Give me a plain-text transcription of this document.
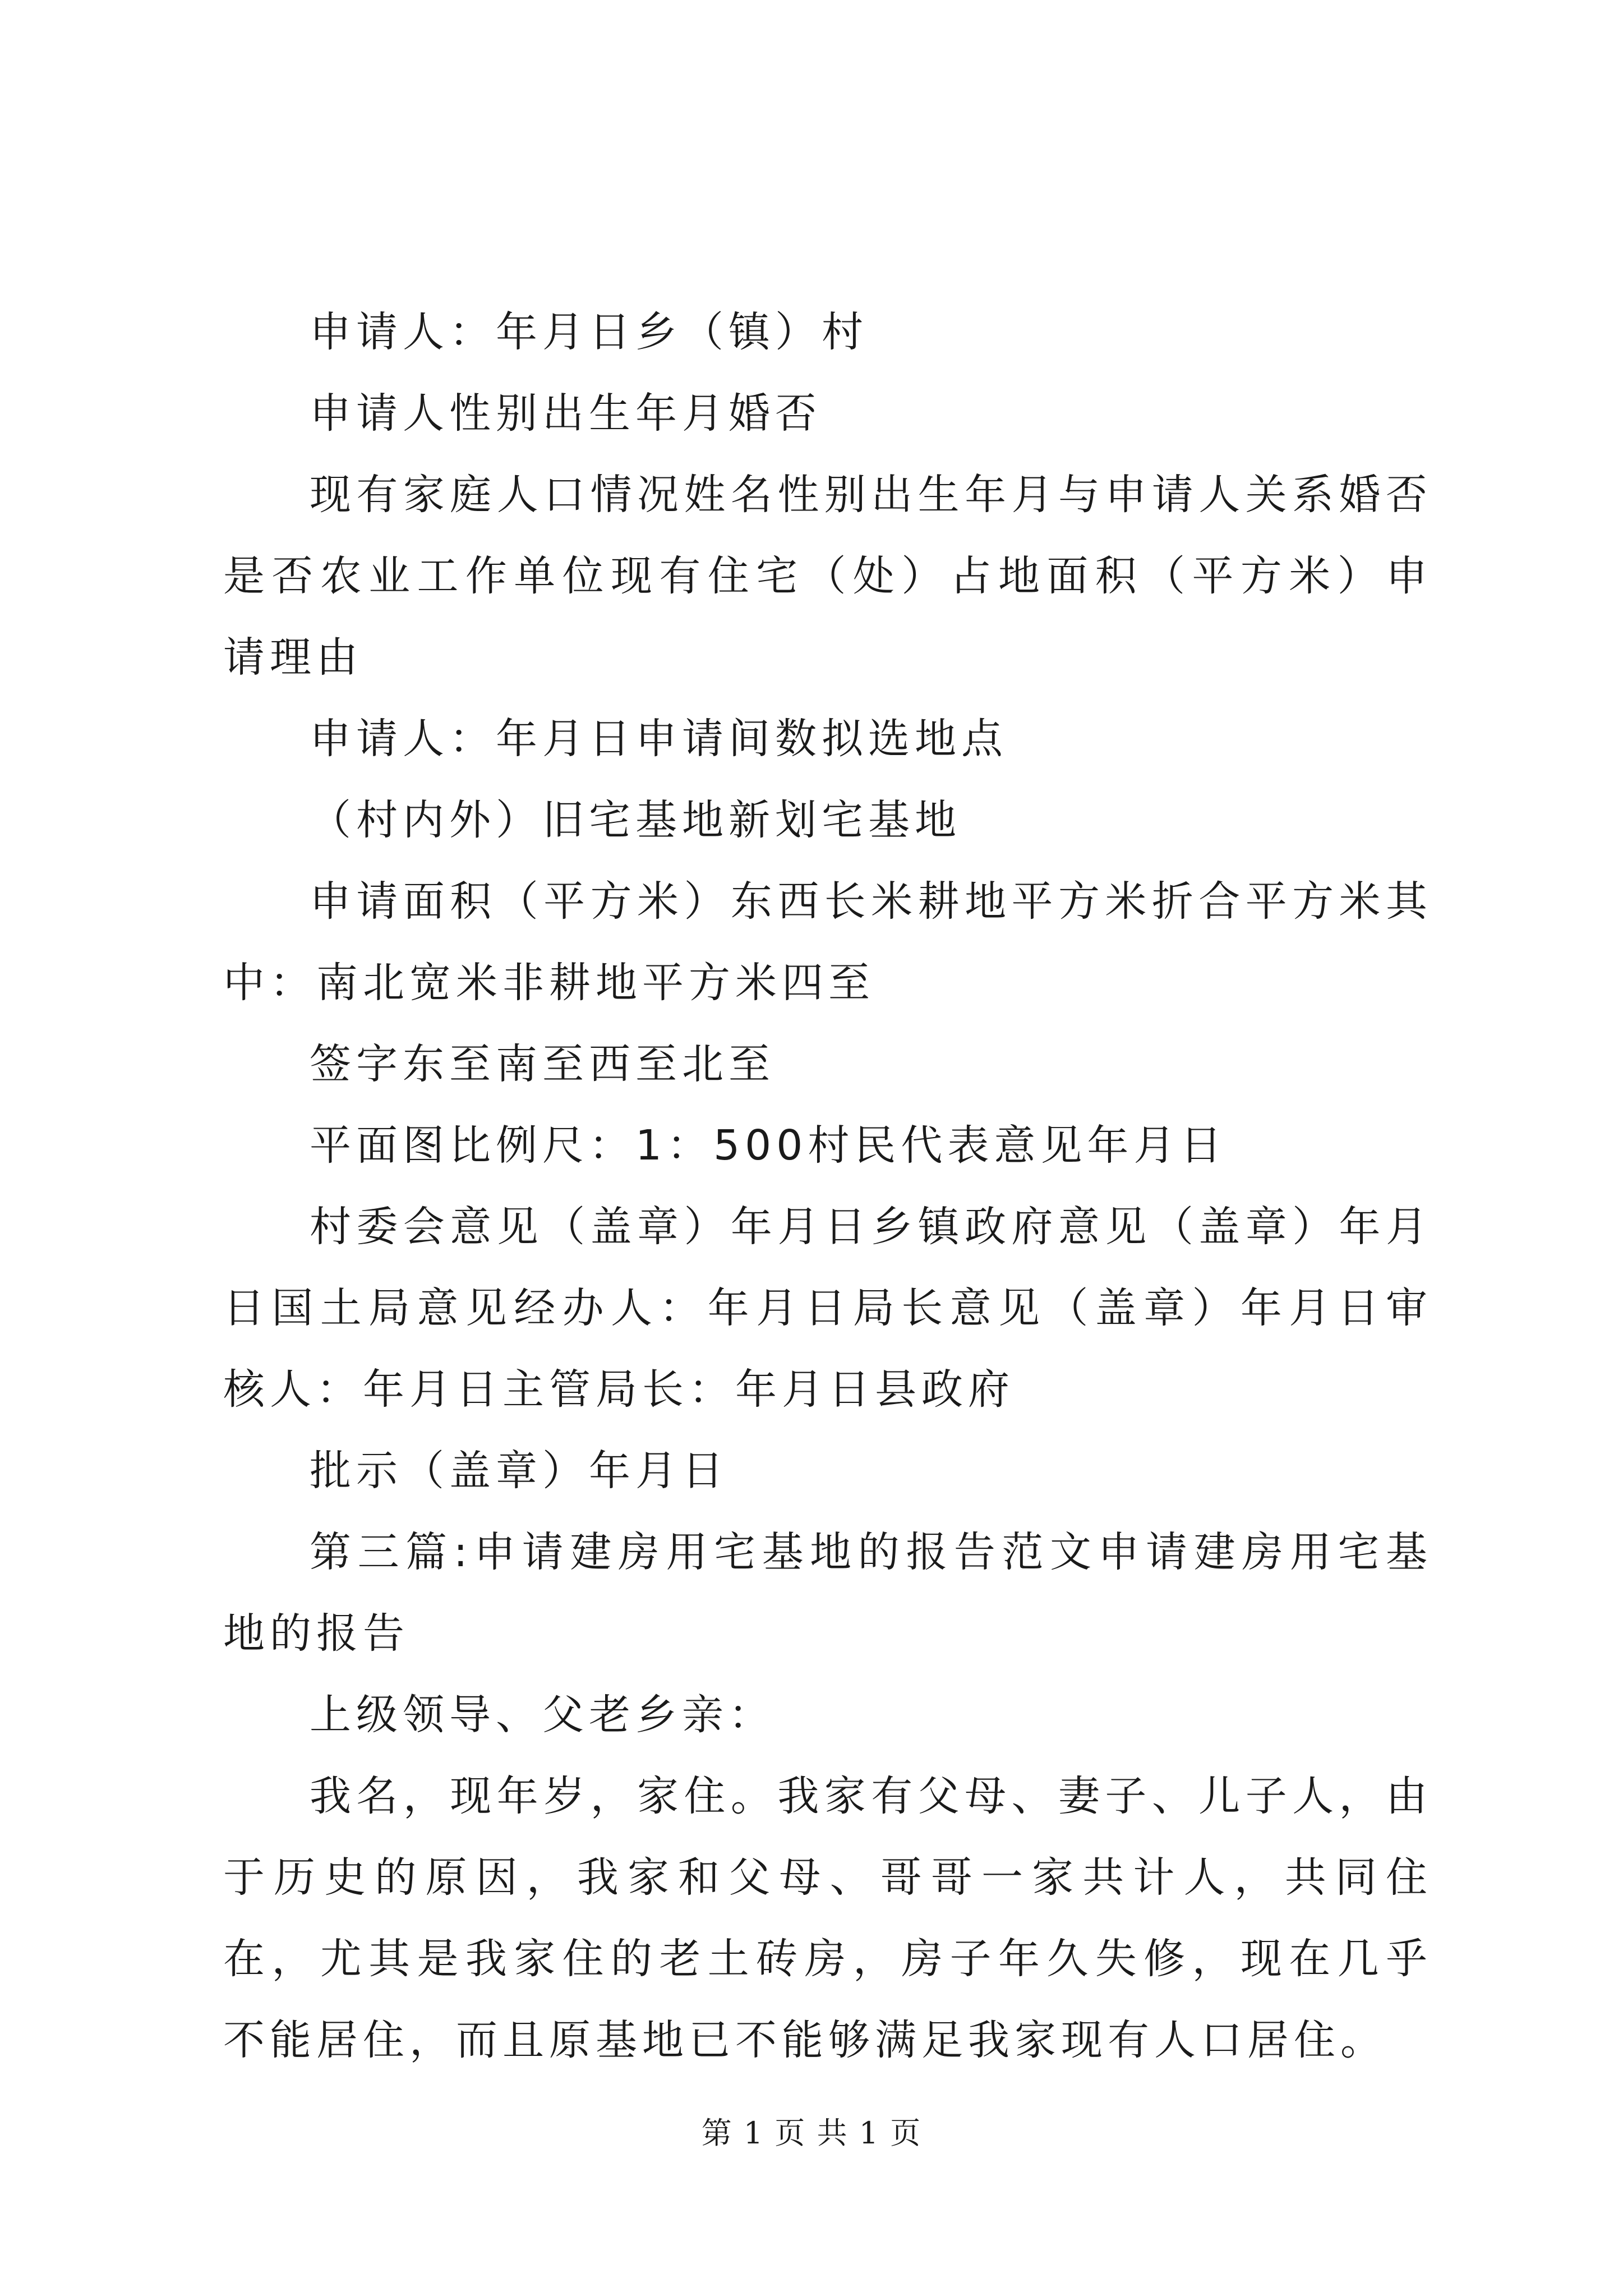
申请人：年月日乡（镇）村

申请人性别出生年月婚否

现有家庭人口情况姓名性别出生年月与申请人关系婚否是否农业工作单位现有住宅（处）占地面积（平方米）申请理由

申请人：年月日申请间数拟选地点

（村内外）旧宅基地新划宅基地

申请面积（平方米）东西长米耕地平方米折合平方米其中：南北宽米非耕地平方米四至

签字东至南至西至北至

平面图比例尺：1：500村民代表意见年月日

村委会意见（盖章）年月日乡镇政府意见（盖章）年月日国土局意见经办人：年月日局长意见（盖章）年月日审核人：年月日主管局长：年月日县政府

批示（盖章）年月日

第三篇:申请建房用宅基地的报告范文申请建房用宅基地的报告

上级领导、父老乡亲：

我名，现年岁，家住。我家有父母、妻子、儿子人，由于历史的原因，我家和父母、哥哥一家共计人，共同住在，尤其是我家住的老土砖房，房子年久失修，现在几乎不能居住，而且原基地已不能够满足我家现有人口居住。

第 1 页 共 1 页
